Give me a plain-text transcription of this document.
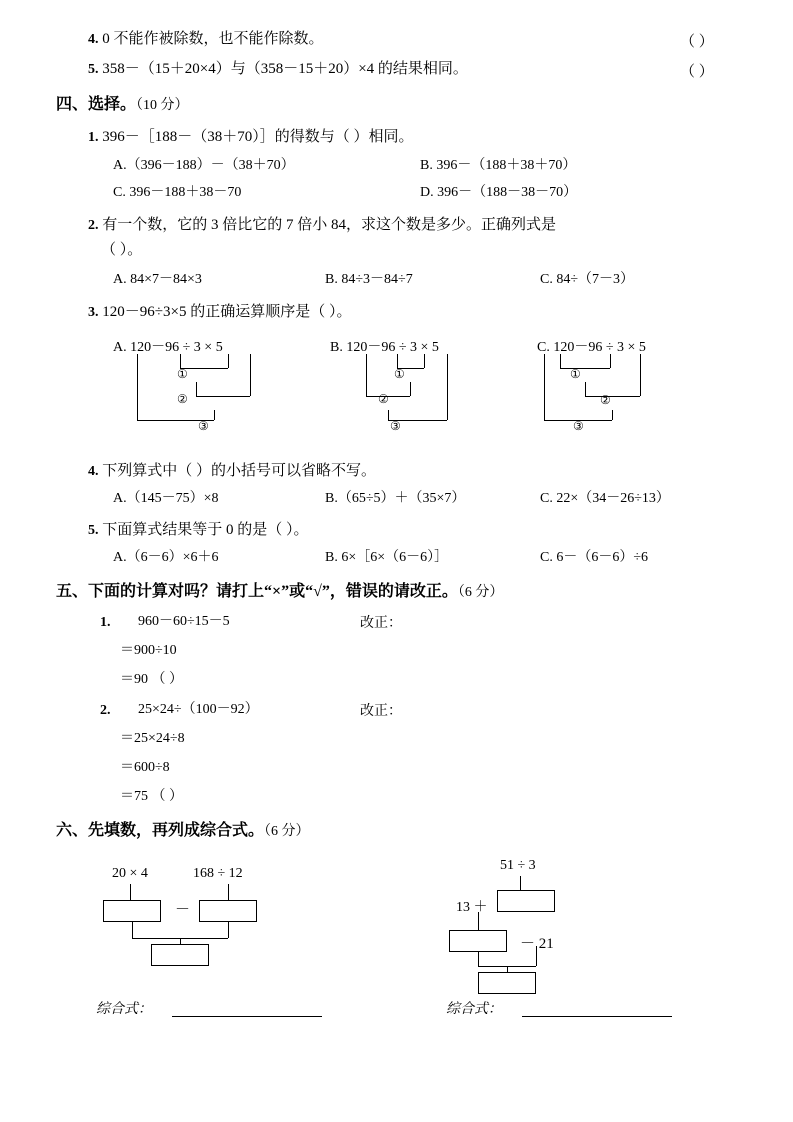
4. 0 不能作被除数，也不能作除数。	（ ）
5. 358－（15＋20×4）与（358－15＋20）×4 的结果相同。	（ ）
四、选择。（10 分）
1. 396－［188－（38＋70）］的得数与（ ）相同。
A.（396－188）－（38＋70）	B. 396－（188＋38＋70）
C. 396－188＋38－70	D. 396－（188－38－70）
2. 有一个数，它的 3 倍比它的 7 倍小 84，求这个数是多少。正确列式是
（ ）。
A. 84×7－84×3	B. 84÷3－84÷7	C. 84÷（7－3）
3. 120－96÷3×5 的正确运算顺序是（ ）。
A. 120－96 ÷ 3 × 5
①
②
③
B. 120－96 ÷ 3 × 5
①
②
③
C. 120－96 ÷ 3 × 5
①
②
③
4. 下列算式中（ ）的小括号可以省略不写。
A.（145－75）×8	B.（65÷5）＋（35×7）	C. 22×（34－26÷13）
5. 下面算式结果等于 0 的是（ ）。
A.（6－6）×6＋6	B. 6×［6×（6－6）］	C. 6－（6－6）÷6
五、下面的计算对吗？请打上“×”或“√”，错误的请改正。（6 分）
1. 960－60÷15－5
＝900÷10
＝90 （ ）
改正：
2. 25×24÷（100－92）
＝25×24÷8
＝600÷8
＝75 （ ）
改正：
六、先填数，再列成综合式。（6 分）
20 × 4	168 ÷ 12
－
综合式：
51 ÷ 3
13 ＋
－ 21
综合式：
